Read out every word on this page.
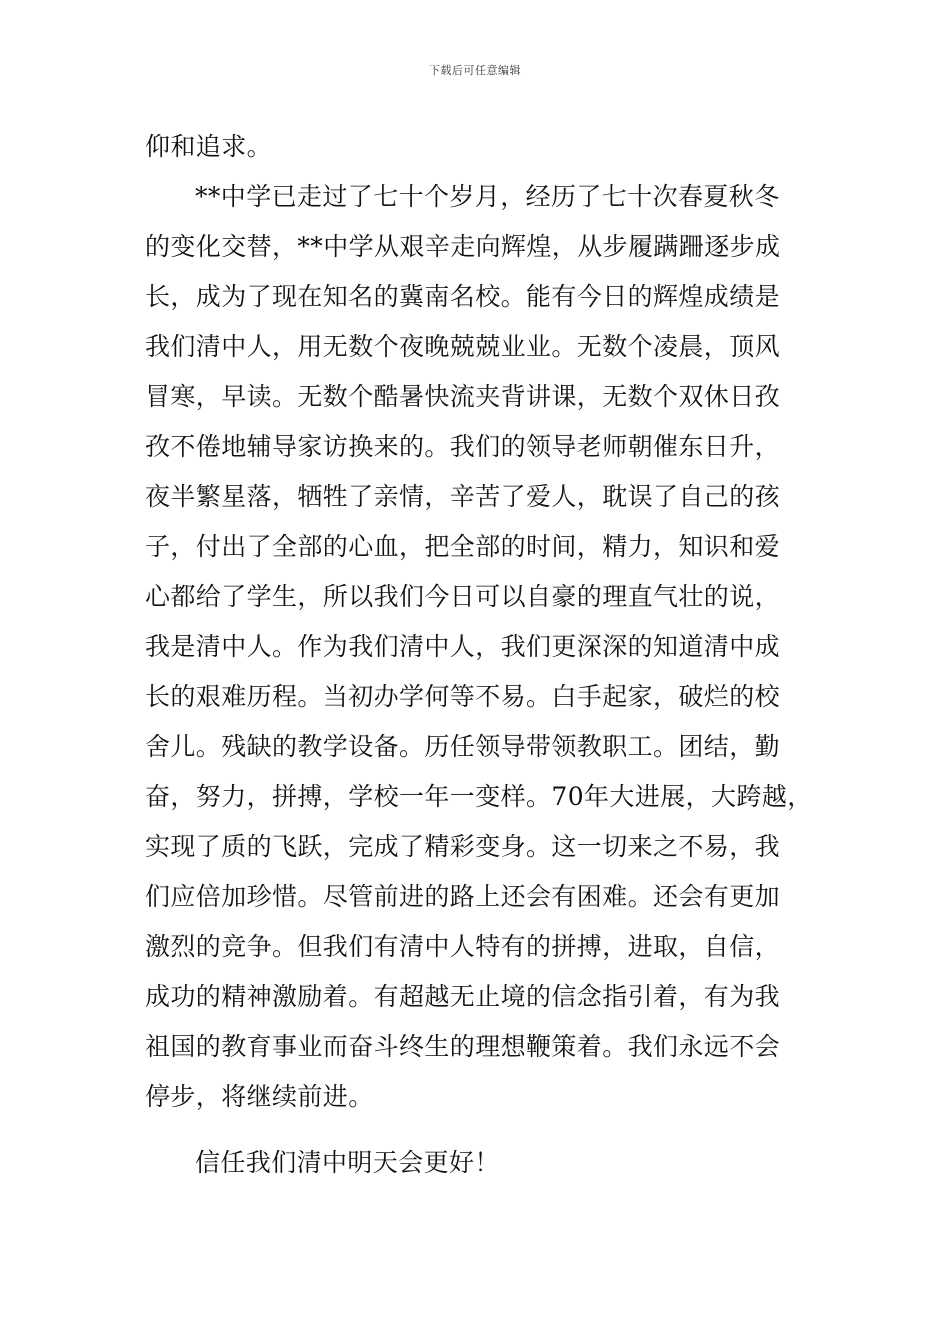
下载后可任意编辑
仰和追求。
**中学已走过了七十个岁月，经历了七十次春夏秋冬
的变化交替，**中学从艰辛走向辉煌，从步履蹒跚逐步成
长，成为了现在知名的冀南名校。能有今日的辉煌成绩是
我们清中人，用无数个夜晚兢兢业业。无数个凌晨，顶风
冒寒，早读。无数个酷暑快流夹背讲课，无数个双休日孜
孜不倦地辅导家访换来的。我们的领导老师朝催东日升，
夜半繁星落，牺牲了亲情，辛苦了爱人，耽误了自己的孩
子，付出了全部的心血，把全部的时间，精力，知识和爱
心都给了学生，所以我们今日可以自豪的理直气壮的说，
我是清中人。作为我们清中人，我们更深深的知道清中成
长的艰难历程。当初办学何等不易。白手起家，破烂的校
舍儿。残缺的教学设备。历任领导带领教职工。团结，勤
奋，努力，拼搏，学校一年一变样。70年大进展，大跨越，
实现了质的飞跃，完成了精彩变身。这一切来之不易，我
们应倍加珍惜。尽管前进的路上还会有困难。还会有更加
激烈的竞争。但我们有清中人特有的拼搏，进取，自信，
成功的精神激励着。有超越无止境的信念指引着，有为我
祖国的教育事业而奋斗终生的理想鞭策着。我们永远不会
停步，将继续前进。
信任我们清中明天会更好！
